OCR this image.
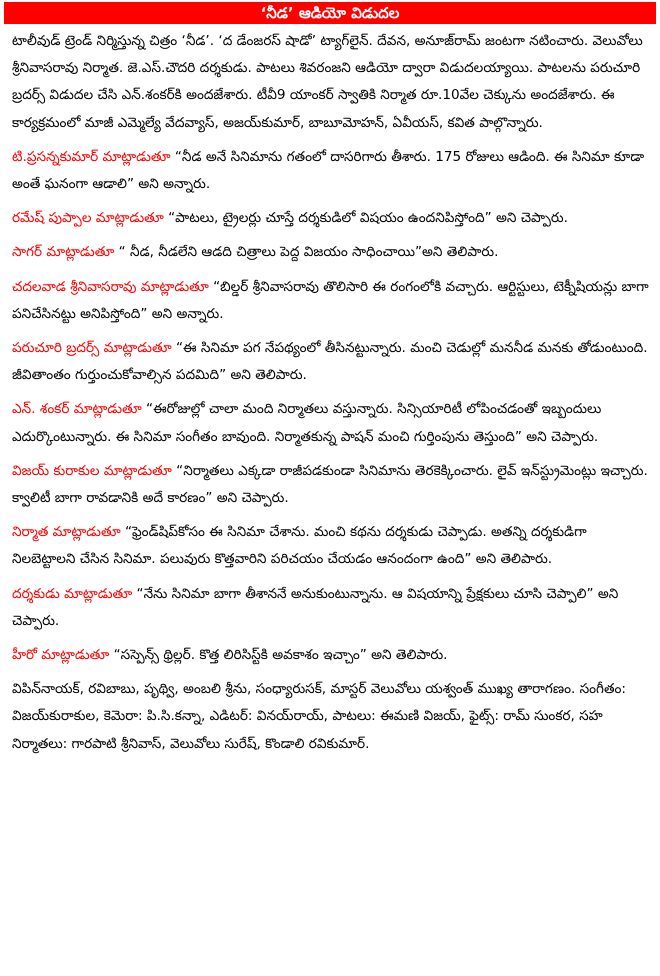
‘నీడ’ ఆడియో విడుదల

టాలీవుడ్ ట్రెండ్ నిర్మిస్తున్న చిత్రం ‘నీడ’. ‘ద డేంజరస్ షాడో’ ట్యాగ్‌లైన్. దేవన, అనూజ్‌రామ్ జంటగా నటించారు. వెలువోలు శ్రీనివాసరావు నిర్మాత. జె.ఎస్.చౌదరి దర్శకుడు. పాటలు శివరంజని ఆడియో ద్వారా విడుదలయ్యాయి. పాటలను పరుచూరి బ్రదర్స్ విడుదల చేసి ఎన్.శంకర్‌కి అందజేశారు. టీవీ9 యాంకర్ స్వాతికి నిర్మాత రూ.10వేల చెక్కును అందజేశారు. ఈ కార్యక్రమంలో మాజీ ఎమ్మెల్యే వేదవ్యాస్, అజయ్‌కుమార్, బాబూమోహన్, ఏవీయస్, కవిత పాల్గొన్నారు.

టి.ప్రసన్నకుమార్ మాట్లాడుతూ “నీడ అనే సినిమాను గతంలో దాసరిగారు తీశారు. 175 రోజులు ఆడింది. ఈ సినిమా కూడా అంతే ఘనంగా ఆడాలి” అని అన్నారు.

రమేష్ పుప్పాల మాట్లాడుతూ “పాటలు, ట్రైలర్లు చూస్తే దర్శకుడిలో విషయం ఉందనిపిస్తోంది” అని చెప్పారు.

సాగర్ మాట్లాడుతూ “ నీడ, నీడలేని ఆడది చిత్రాలు పెద్ద విజయం సాధించాయి”అని తెలిపారు.

చదలవాడ శ్రీనివాసరావు మాట్లాడుతూ “బిల్డర్ శ్రీనివాసరావు తొలిసారి ఈ రంగంలోకి వచ్చారు. ఆర్టిస్టులు, టెక్నీషియన్లు బాగా పనిచేసినట్టు అనిపిస్తోంది” అని అన్నారు.

పరుచూరి బ్రదర్స్ మాట్లాడుతూ “ఈ సినిమా పగ నేపథ్యంలో తీసినట్టున్నారు. మంచి చెడుల్లో మననీడ మనకు తోడుంటుంది. జీవితాంతం గుర్తుంచుకోవాల్సిన పదమిది” అని తెలిపారు.

ఎన్. శంకర్ మాట్లాడుతూ “ఈరోజుల్లో చాలా మంది నిర్మాతలు వస్తున్నారు. సిన్సియారిటీ లోపించడంతో ఇబ్బందులు ఎదుర్కొంటున్నారు. ఈ సినిమా సంగీతం బావుంది. నిర్మాతకున్న పాషన్ మంచి గుర్తింపును తెస్తుంది” అని చెప్పారు.

విజయ్ కురాకుల మాట్లాడుతూ “నిర్మాతలు ఎక్కడా రాజీపడకుండా సినిమాను తెరకెక్కించారు. లైవ్ ఇన్‌స్ట్రుమెంట్లు ఇచ్చారు. క్వాలిటీ బాగా రావడానికి అదే కారణం” అని చెప్పారు.

నిర్మాత మాట్లాడుతూ “ఫ్రెండ్‌షిప్‌కోసం ఈ సినిమా చేశాను. మంచి కథను దర్శకుడు చెప్పాడు. అతన్ని దర్శకుడిగా నిలబెట్టాలని చేసిన సినిమా. పలువురు కొత్తవారిని పరిచయం చేయడం ఆనందంగా ఉంది” అని తెలిపారు.

దర్శకుడు మాట్లాడుతూ “నేను సినిమా బాగా తీశాననే అనుకుంటున్నాను. ఆ విషయాన్ని ప్రేక్షకులు చూసి చెప్పాలి” అని చెప్పారు.

హీరో మాట్లాడుతూ “సస్పెన్స్ థ్రిల్లర్. కొత్త లిరిసిస్ట్‌కి అవకాశం ఇచ్చాం” అని తెలిపారు.

విపిన్‌నాయక్, రవిబాబు, పృథ్వి, అంబలి శ్రీను, సంధ్యారుసక్, మాస్టర్ వెలువోలు యశ్వంత్ ముఖ్య తారాగణం. సంగీతం: విజయ్‌కురాకుల, కెమెరా: పి.సి.కన్నా, ఎడిటర్: వినయ్‌రాయ్, పాటలు: ఈమణి విజయ్, ఫైట్స్: రామ్ సుంకర, సహ నిర్మాతలు: గారపాటి శ్రీనివాస్, వెలువోలు సురేష్, కొండాలి రవికుమార్.
